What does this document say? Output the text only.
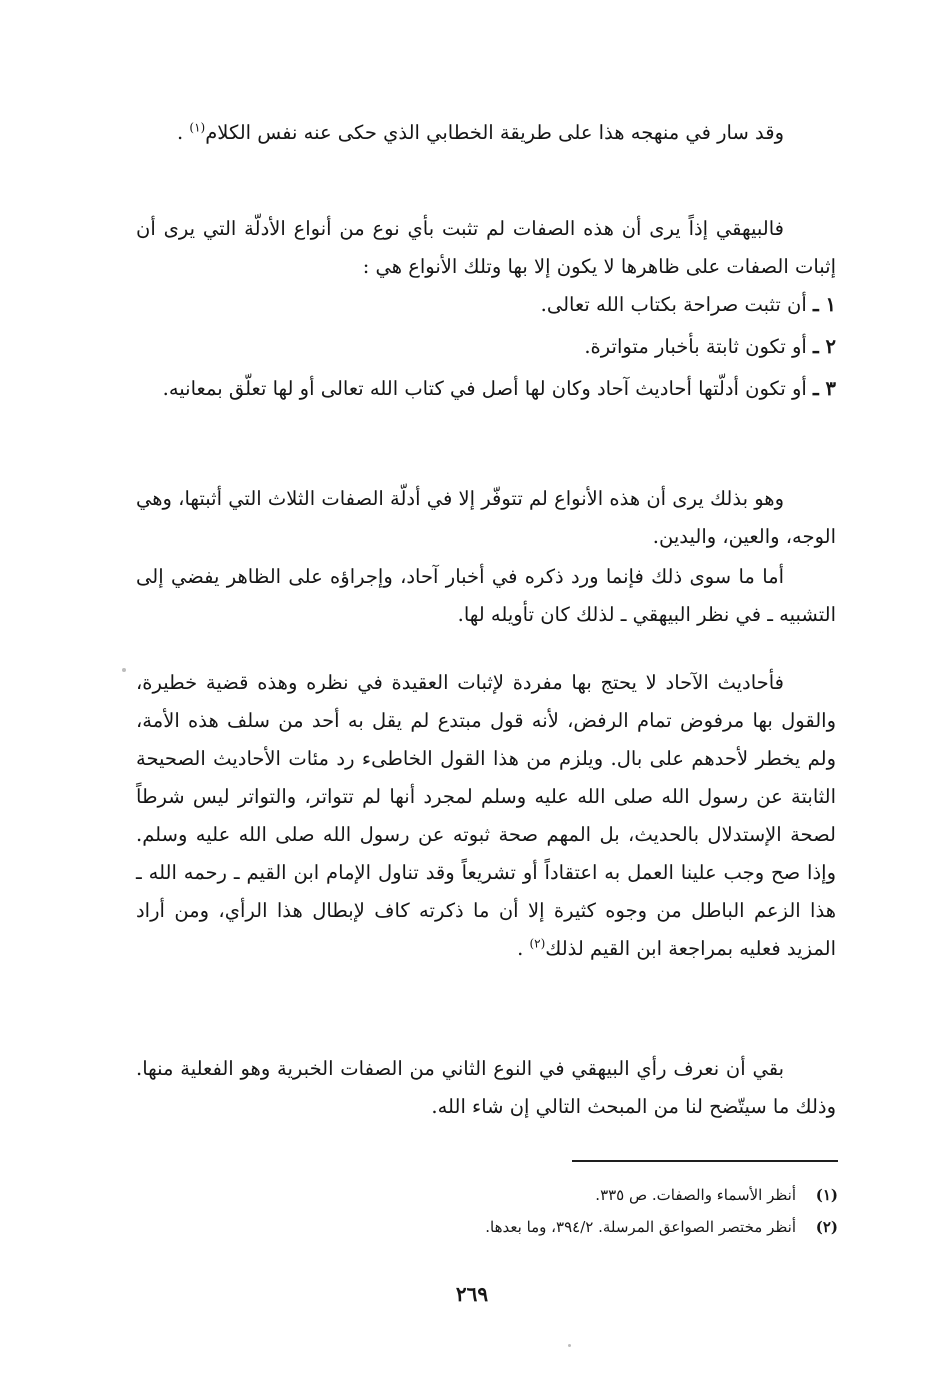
وقد سار في منهجه هذا على طريقة الخطابي الذي حكى عنه نفس الكلام$^{(١)}$ .
فالبيهقي إذاً يرى أن هذه الصفات لم تثبت بأي نوع من أنواع الأدلّة التي يرى أن إثبات الصفات على ظاهرها لا يكون إلا بها وتلك الأنواع هي :
١ ـ أن تثبت صراحة بكتاب الله تعالى.
٢ ـ أو تكون ثابتة بأخبار متواترة.
٣ ـ أو تكون أدلّتها أحاديث آحاد وكان لها أصل في كتاب الله تعالى أو لها تعلّق بمعانيه.
وهو بذلك يرى أن هذه الأنواع لم تتوفّر إلا في أدلّة الصفات الثلاث التي أثبتها، وهي الوجه، والعين، واليدين.
أما ما سوى ذلك فإنما ورد ذكره في أخبار آحاد، وإجراؤه على الظاهر يفضي إلى التشبيه ـ في نظر البيهقي ـ لذلك كان تأويله لها.
فأحاديث الآحاد لا يحتج بها مفردة لإثبات العقيدة في نظره وهذه قضية خطيرة، والقول بها مرفوض تمام الرفض، لأنه قول مبتدع لم يقل به أحد من سلف هذه الأمة، ولم يخطر لأحدهم على بال. ويلزم من هذا القول الخاطىء رد مئات الأحاديث الصحيحة الثابتة عن رسول الله صلى الله عليه وسلم لمجرد أنها لم تتواتر، والتواتر ليس شرطاً لصحة الإستدلال بالحديث، بل المهم صحة ثبوته عن رسول الله صلى الله عليه وسلم. وإذا صح وجب علينا العمل به اعتقاداً أو تشريعاً وقد تناول الإمام ابن القيم ـ رحمه الله ـ هذا الزعم الباطل من وجوه كثيرة إلا أن ما ذكرته كاف لإبطال هذا الرأي، ومن أراد المزيد فعليه بمراجعة ابن القيم لذلك$^{(٢)}$ .
بقي أن نعرف رأي البيهقي في النوع الثاني من الصفات الخبرية وهو الفعلية منها. وذلك ما سيتّضح لنا من المبحث التالي إن شاء الله.
(١)أنظر الأسماء والصفات. ص ٣٣٥.
(٢)أنظر مختصر الصواعق المرسلة. ٣٩٤/٢، وما بعدها.
٢٦٩
